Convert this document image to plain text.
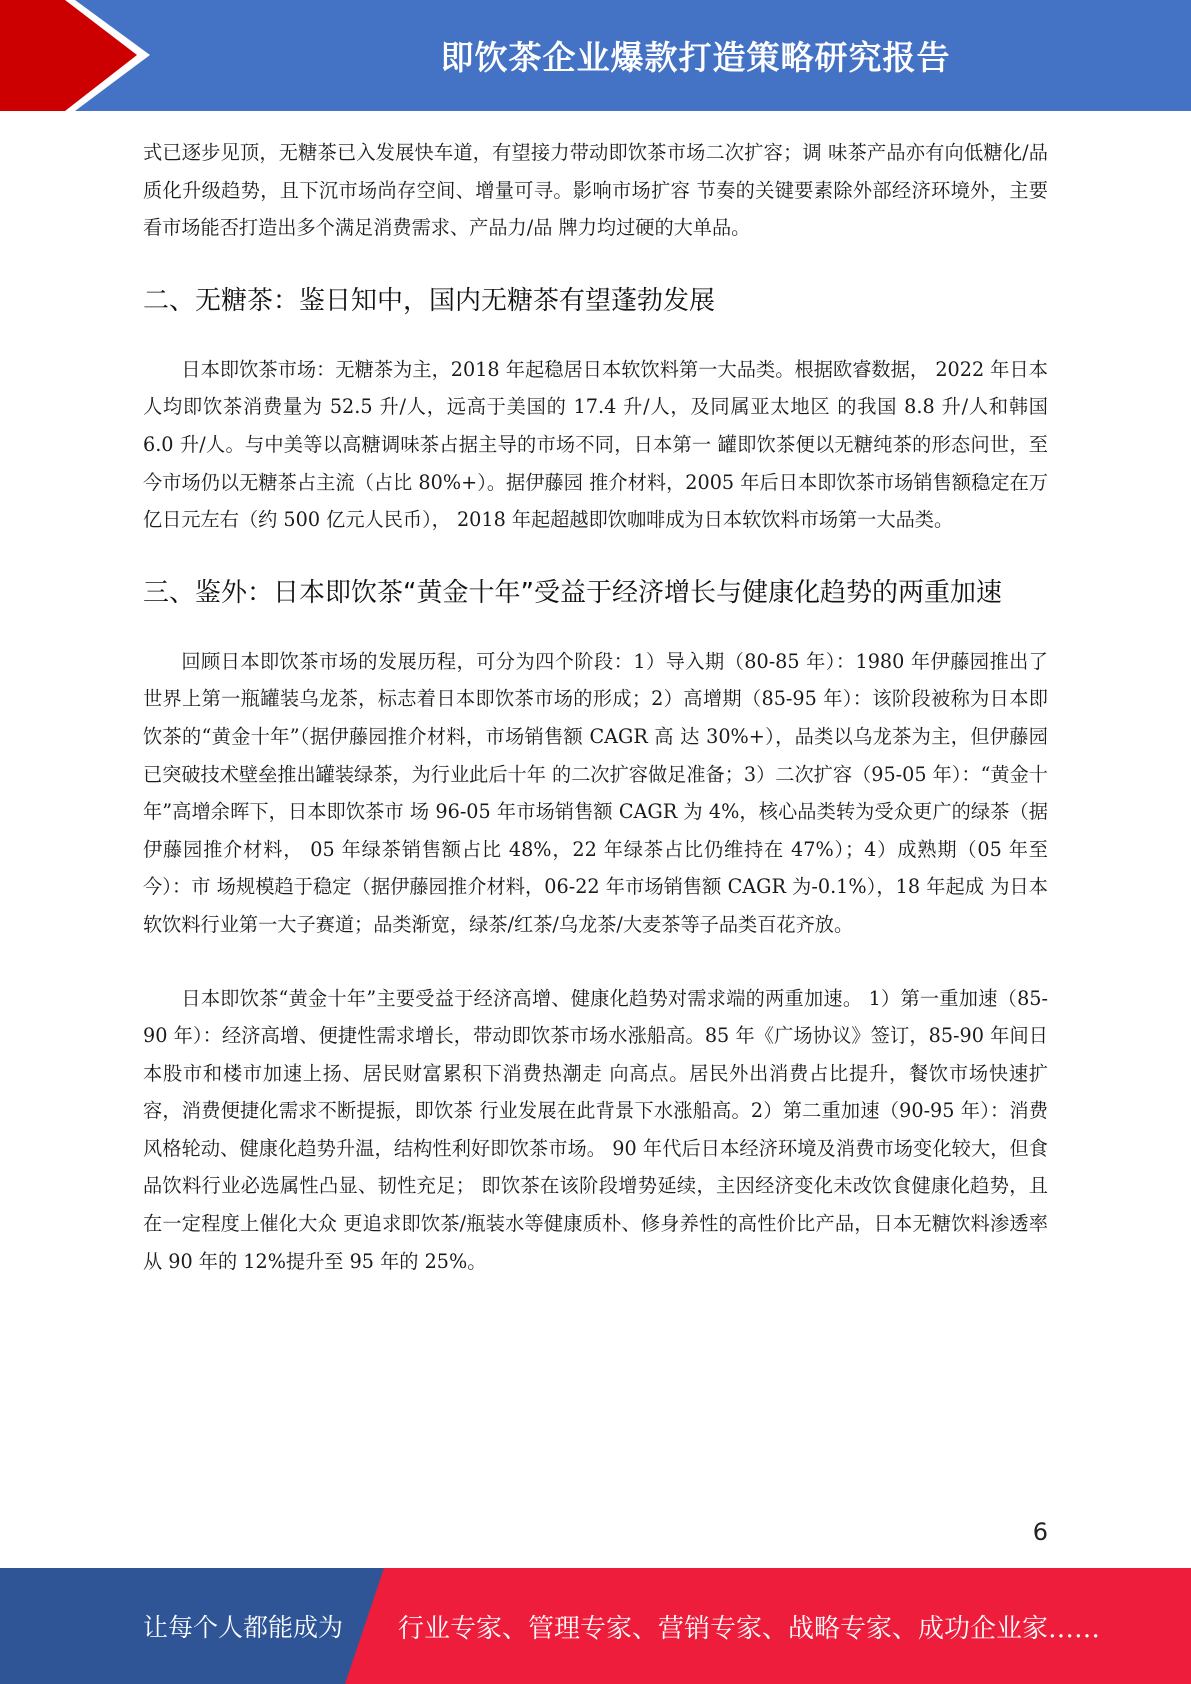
即饮茶企业爆款打造策略研究报告

式已逐步见顶，无糖茶已入发展快车道，有望接力带动即饮茶市场二次扩容；调 味茶产品亦有向低糖化/品质化升级趋势，且下沉市场尚存空间、增量可寻。影响市场扩容 节奏的关键要素除外部经济环境外，主要看市场能否打造出多个满足消费需求、产品力/品 牌力均过硬的大单品。

二、无糖茶：鉴日知中，国内无糖茶有望蓬勃发展

日本即饮茶市场：无糖茶为主，2018 年起稳居日本软饮料第一大品类。根据欧睿数据， 2022 年日本人均即饮茶消费量为 52.5 升/人，远高于美国的 17.4 升/人，及同属亚太地区 的我国 8.8 升/人和韩国 6.0 升/人。与中美等以高糖调味茶占据主导的市场不同，日本第一 罐即饮茶便以无糖纯茶的形态问世，至今市场仍以无糖茶占主流（占比 80%+）。据伊藤园 推介材料，2005 年后日本即饮茶市场销售额稳定在万亿日元左右（约 500 亿元人民币）， 2018 年起超越即饮咖啡成为日本软饮料市场第一大品类。

三、鉴外：日本即饮茶“黄金十年”受益于经济增长与健康化趋势的两重加速

回顾日本即饮茶市场的发展历程，可分为四个阶段：1）导入期（80-85 年）：1980 年伊藤园推出了世界上第一瓶罐装乌龙茶，标志着日本即饮茶市场的形成；2）高增期（85-95 年）：该阶段被称为日本即饮茶的“黄金十年”（据伊藤园推介材料，市场销售额 CAGR 高 达 30%+），品类以乌龙茶为主，但伊藤园已突破技术壁垒推出罐装绿茶，为行业此后十年 的二次扩容做足准备；3）二次扩容（95-05 年）：“黄金十年”高增余晖下，日本即饮茶市 场 96-05 年市场销售额 CAGR 为 4%，核心品类转为受众更广的绿茶（据伊藤园推介材料， 05 年绿茶销售额占比 48%，22 年绿茶占比仍维持在 47%）；4）成熟期（05 年至今）：市 场规模趋于稳定（据伊藤园推介材料，06-22 年市场销售额 CAGR 为-0.1%），18 年起成 为日本软饮料行业第一大子赛道；品类渐宽，绿茶/红茶/乌龙茶/大麦茶等子品类百花齐放。

日本即饮茶“黄金十年”主要受益于经济高增、健康化趋势对需求端的两重加速。 1）第一重加速（85-90 年）：经济高增、便捷性需求增长，带动即饮茶市场水涨船高。85 年《广场协议》签订，85-90 年间日本股市和楼市加速上扬、居民财富累积下消费热潮走 向高点。居民外出消费占比提升，餐饮市场快速扩容，消费便捷化需求不断提振，即饮茶 行业发展在此背景下水涨船高。2）第二重加速（90-95 年）：消费风格轮动、健康化趋势升温，结构性利好即饮茶市场。 90 年代后日本经济环境及消费市场变化较大，但食品饮料行业必选属性凸显、韧性充足； 即饮茶在该阶段增势延续，主因经济变化未改饮食健康化趋势，且在一定程度上催化大众 更追求即饮茶/瓶装水等健康质朴、修身养性的高性价比产品，日本无糖饮料渗透率从 90 年的 12%提升至 95 年的 25%。

6
让每个人都能成为 行业专家、管理专家、营销专家、战略专家、成功企业家……
